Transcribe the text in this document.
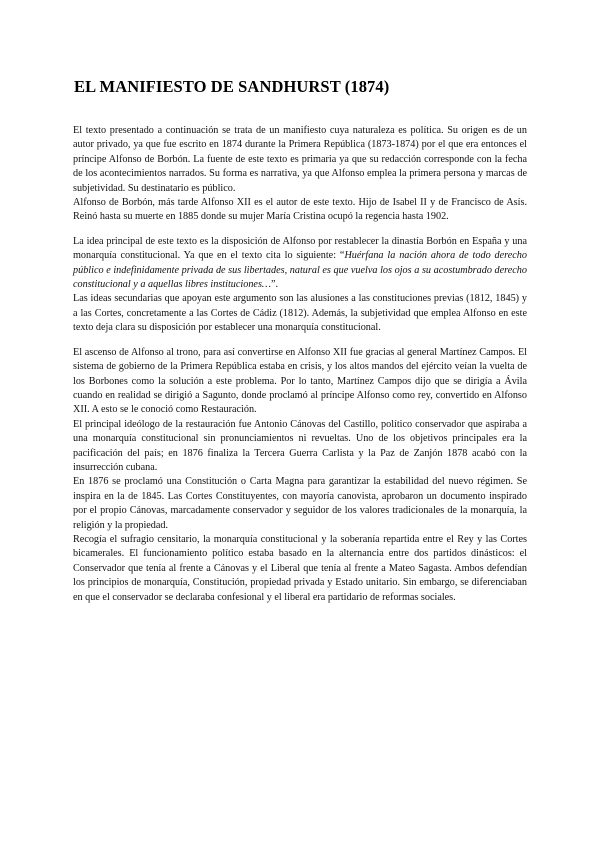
EL MANIFIESTO DE SANDHURST (1874)

El texto presentado a continuación se trata de un manifiesto cuya naturaleza es política. Su origen es de un autor privado, ya que fue escrito en 1874 durante la Primera República (1873-1874) por el que era entonces el príncipe Alfonso de Borbón. La fuente de este texto es primaria ya que su redacción corresponde con la fecha de los acontecimientos narrados. Su forma es narrativa, ya que Alfonso emplea la primera persona y marcas de subjetividad. Su destinatario es público.

Alfonso de Borbón, más tarde Alfonso XII es el autor de este texto. Hijo de Isabel II y de Francisco de Asís. Reinó hasta su muerte en 1885 donde su mujer María Cristina ocupó la regencia hasta 1902.

La idea principal de este texto es la disposición de Alfonso por restablecer la dinastía Borbón en España y una monarquía constitucional. Ya que en el texto cita lo siguiente: “Huérfana la nación ahora de todo derecho público e indefinidamente privada de sus libertades, natural es que vuelva los ojos a su acostumbrado derecho constitucional y a aquellas libres instituciones…”.

Las ideas secundarias que apoyan este argumento son las alusiones a las constituciones previas (1812, 1845) y a las Cortes, concretamente a las Cortes de Cádiz (1812). Además, la subjetividad que emplea Alfonso en este texto deja clara su disposición por establecer una monarquía constitucional.

El ascenso de Alfonso al trono, para así convertirse en Alfonso XII fue gracias al general Martínez Campos. El sistema de gobierno de la Primera República estaba en crisis, y los altos mandos del ejército veían la vuelta de los Borbones como la solución a este problema. Por lo tanto, Martínez Campos dijo que se dirigía a Ávila cuando en realidad se dirigió a Sagunto, donde proclamó al príncipe Alfonso como rey, convertido en Alfonso XII. A esto se le conoció como Restauración.

El principal ideólogo de la restauración fue Antonio Cánovas del Castillo, político conservador que aspiraba a una monarquía constitucional sin pronunciamientos ni revueltas. Uno de los objetivos principales era la pacificación del país; en 1876 finaliza la Tercera Guerra Carlista y la Paz de Zanjón 1878 acabó con la insurrección cubana.

En 1876 se proclamó una Constitución o Carta Magna para garantizar la estabilidad del nuevo régimen. Se inspira en la de 1845. Las Cortes Constituyentes, con mayoría canovista, aprobaron un documento inspirado por el propio Cánovas, marcadamente conservador y seguidor de los valores tradicionales de la monarquía, la religión y la propiedad.

Recogía el sufragio censitario, la monarquía constitucional y la soberanía repartida entre el Rey y las Cortes bicamerales. El funcionamiento político estaba basado en la alternancia entre dos partidos dinásticos: el Conservador que tenía al frente a Cánovas y el Liberal que tenía al frente a Mateo Sagasta. Ambos defendían los principios de monarquía, Constitución, propiedad privada y Estado unitario. Sin embargo, se diferenciaban en que el conservador se declaraba confesional y el liberal era partidario de reformas sociales.
